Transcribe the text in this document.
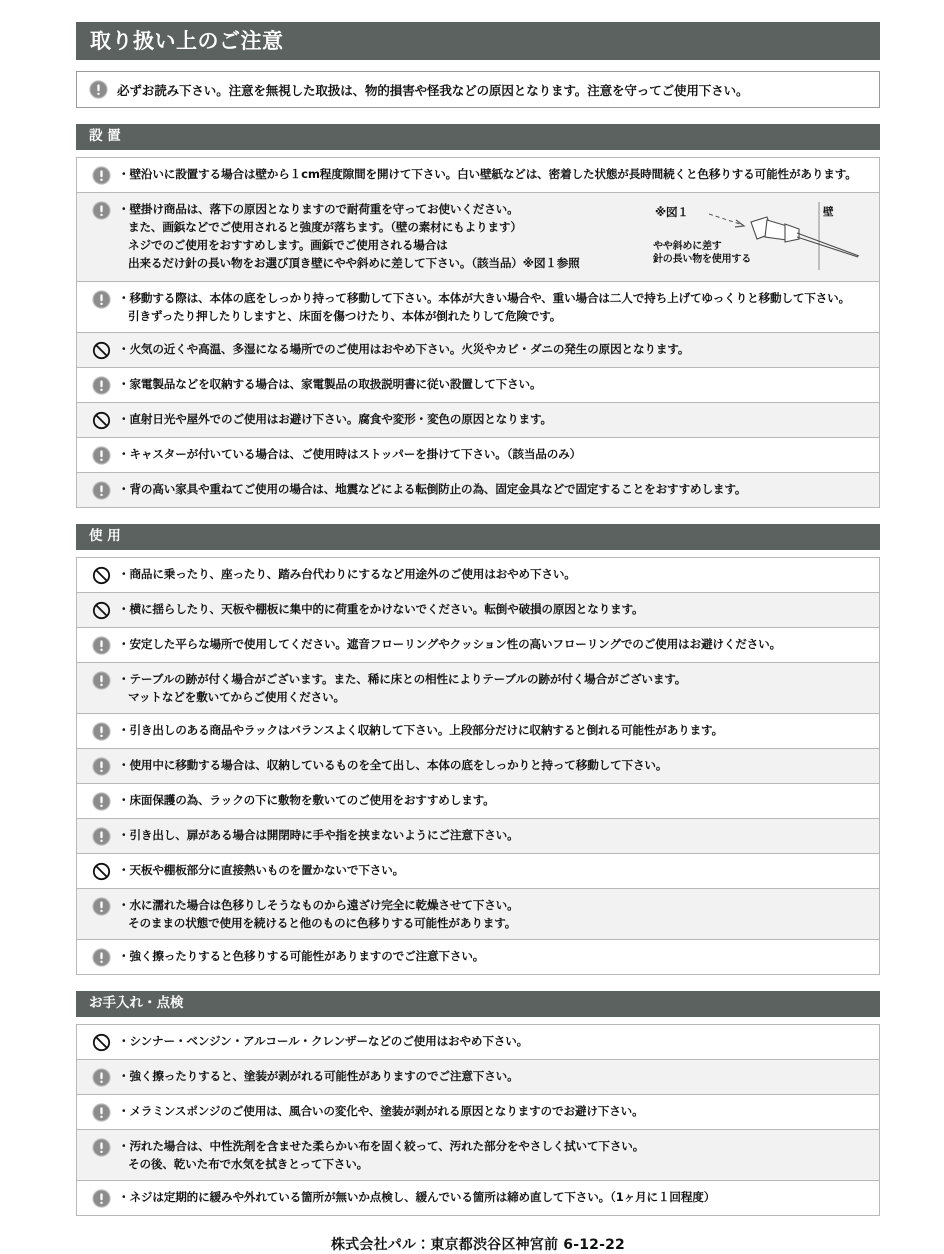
取り扱い上のご注意
必ずお読み下さい。注意を無視した取扱は、物的損害や怪我などの原因となります。注意を守ってご使用下さい。
設 置
・壁沿いに設置する場合は壁から１cm程度隙間を開けて下さい。白い壁紙などは、密着した状態が長時間続くと色移りする可能性があります。
・壁掛け商品は、落下の原因となりますので耐荷重を守ってお使いください。
また、画鋲などでご使用されると強度が落ちます。（壁の素材にもよります）
ネジでのご使用をおすすめします。画鋲でご使用される場合は
出来るだけ針の長い物をお選び頂き壁にやや斜めに差して下さい。（該当品）※図１参照
※図１	壁
やや斜めに差す
針の長い物を使用する
・移動する際は、本体の底をしっかり持って移動して下さい。本体が大きい場合や、重い場合は二人で持ち上げてゆっくりと移動して下さい。
引きずったり押したりしますと、床面を傷つけたり、本体が倒れたりして危険です。
・火気の近くや高温、多湿になる場所でのご使用はおやめ下さい。火災やカビ・ダニの発生の原因となります。
・家電製品などを収納する場合は、家電製品の取扱説明書に従い設置して下さい。
・直射日光や屋外でのご使用はお避け下さい。腐食や変形・変色の原因となります。
・キャスターが付いている場合は、ご使用時はストッパーを掛けて下さい。（該当品のみ）
・背の高い家具や重ねてご使用の場合は、地震などによる転倒防止の為、固定金具などで固定することをおすすめします。
使 用
・商品に乗ったり、座ったり、踏み台代わりにするなど用途外のご使用はおやめ下さい。
・横に揺らしたり、天板や棚板に集中的に荷重をかけないでください。転倒や破損の原因となります。
・安定した平らな場所で使用してください。遮音フローリングやクッション性の高いフローリングでのご使用はお避けください。
・テーブルの跡が付く場合がございます。また、稀に床との相性によりテーブルの跡が付く場合がございます。
マットなどを敷いてからご使用ください。
・引き出しのある商品やラックはバランスよく収納して下さい。上段部分だけに収納すると倒れる可能性があります。
・使用中に移動する場合は、収納しているものを全て出し、本体の底をしっかりと持って移動して下さい。
・床面保護の為、ラックの下に敷物を敷いてのご使用をおすすめします。
・引き出し、扉がある場合は開閉時に手や指を挟まないようにご注意下さい。
・天板や棚板部分に直接熱いものを置かないで下さい。
・水に濡れた場合は色移りしそうなものから遠ざけ完全に乾燥させて下さい。
そのままの状態で使用を続けると他のものに色移りする可能性があります。
・強く擦ったりすると色移りする可能性がありますのでご注意下さい。
お手入れ・点検
・シンナー・ベンジン・アルコール・クレンザーなどのご使用はおやめ下さい。
・強く擦ったりすると、塗装が剥がれる可能性がありますのでご注意下さい。
・メラミンスポンジのご使用は、風合いの変化や、塗装が剥がれる原因となりますのでお避け下さい。
・汚れた場合は、中性洗剤を含ませた柔らかい布を固く絞って、汚れた部分をやさしく拭いて下さい。
その後、乾いた布で水気を拭きとって下さい。
・ネジは定期的に緩みや外れている箇所が無いか点検し、緩んでいる箇所は締め直して下さい。（1ヶ月に１回程度）
株式会社パル：東京都渋谷区神宮前 6-12-22
